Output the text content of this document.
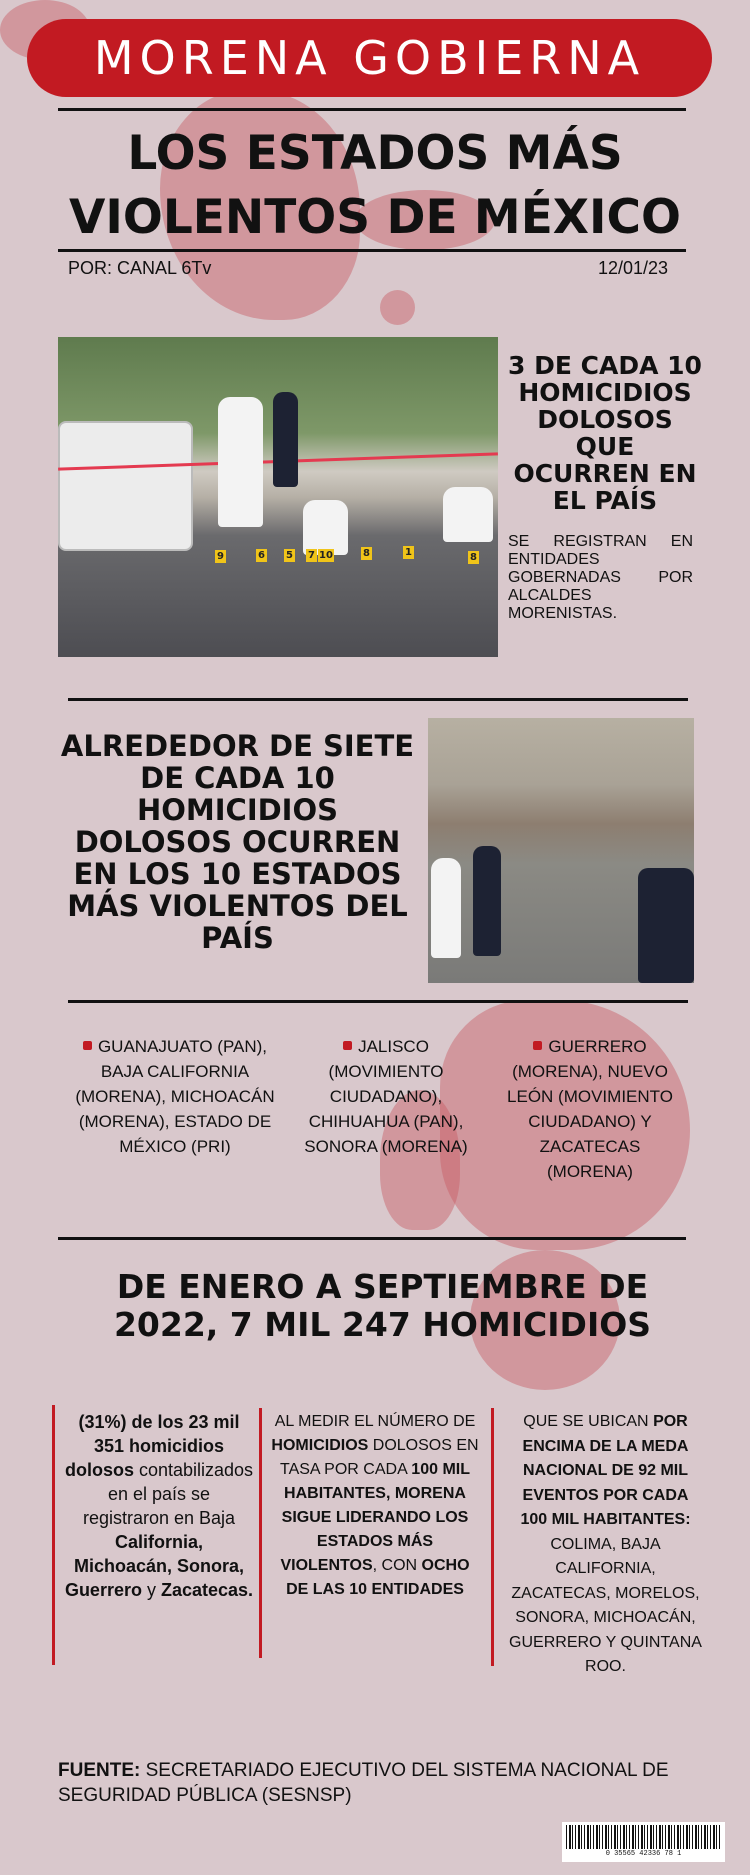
MORENA GOBIERNA
LOS ESTADOS MÁS
VIOLENTOS DE MÉXICO
POR: CANAL 6Tv	12/01/23
9	6 5 7 10	8	1	8
3 DE CADA 10 HOMICIDIOS DOLOSOS QUE OCURREN EN EL PAÍS
SE REGISTRAN EN ENTIDADES GOBERNADAS POR ALCALDES MORENISTAS.
ALREDEDOR DE SIETE DE CADA 10 HOMICIDIOS DOLOSOS OCURREN EN LOS 10 ESTADOS MÁS VIOLENTOS DEL PAÍS
GUANAJUATO (PAN), BAJA CALIFORNIA (MORENA), MICHOACÁN (MORENA), ESTADO DE MÉXICO (PRI)
JALISCO (MOVIMIENTO CIUDADANO), CHIHUAHUA (PAN), SONORA (MORENA)
GUERRERO (MORENA), NUEVO LEÓN (MOVIMIENTO CIUDADANO) Y ZACATECAS (MORENA)
DE ENERO A SEPTIEMBRE DE 2022, 7 MIL 247 HOMICIDIOS
(31%) de los 23 mil 351 homicidios dolosos contabilizados en el país se registraron en Baja California, Michoacán, Sonora, Guerrero y Zacatecas.
AL MEDIR EL NÚMERO DE HOMICIDIOS DOLOSOS EN TASA POR CADA 100 MIL HABITANTES, MORENA SIGUE LIDERANDO LOS ESTADOS MÁS VIOLENTOS, CON OCHO DE LAS 10 ENTIDADES
QUE SE UBICAN POR ENCIMA DE LA MEDA NACIONAL DE 92 MIL EVENTOS POR CADA 100 MIL HABITANTES: COLIMA, BAJA CALIFORNIA, ZACATECAS, MORELOS, SONORA, MICHOACÁN, GUERRERO Y QUINTANA ROO.
FUENTE: SECRETARIADO EJECUTIVO DEL SISTEMA NACIONAL DE SEGURIDAD PÚBLICA (SESNSP)
0 35565 42336 78 1
